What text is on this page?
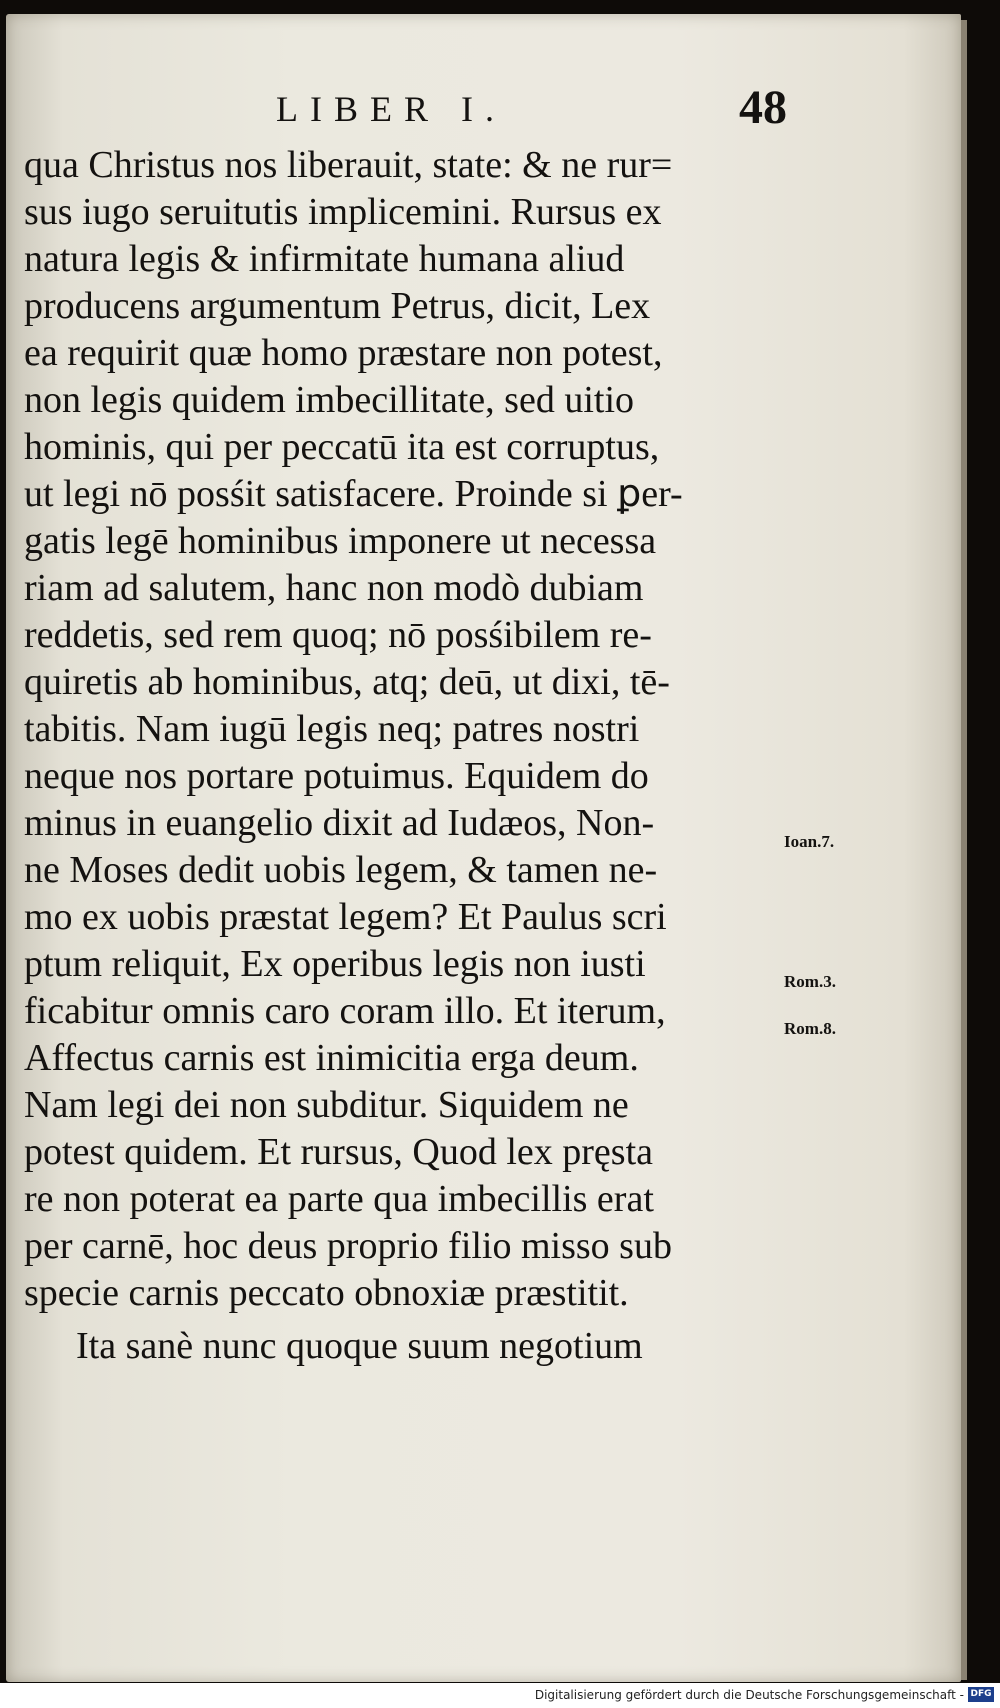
LIBER I.	48
qua Christus nos liberauit, state: & ne rur=
sus iugo seruitutis implicemini. Rursus ex
natura legis & infirmitate humana aliud
producens argumentum Petrus, dicit, Lex
ea requirit quæ homo præstare non potest,
non legis quidem imbecillitate, sed uitio
hominis, qui per peccatū ita est corruptus,
ut legi nō posśit satisfacere. Proinde si ꝑer-
gatis legē hominibus imponere ut necessa
riam ad salutem, hanc non modò dubiam
reddetis, sed rem quoq; nō posśibilem re-
quiretis ab hominibus, atq; deū, ut dixi, tē-
tabitis. Nam iugū legis neq; patres nostri
neque nos portare potuimus. Equidem do
minus in euangelio dixit ad Iudæos, Non-
ne Moses dedit uobis legem, & tamen ne-
mo ex uobis præstat legem? Et Paulus scri
ptum reliquit, Ex operibus legis non iusti
ficabitur omnis caro coram illo. Et iterum,
Affectus carnis est inimicitia erga deum.
Nam legi dei non subditur. Siquidem ne
potest quidem. Et rursus, Quod lex pręsta
re non poterat ea parte qua imbecillis erat
per carnē, hoc deus proprio filio misso sub
specie carnis peccato obnoxiæ præstitit.
Ita sanè nunc quoque suum negotium
Ioan.7.
Rom.3.
Rom.8.
Digitalisierung gefördert durch die Deutsche Forschungsgemeinschaft - DFG
